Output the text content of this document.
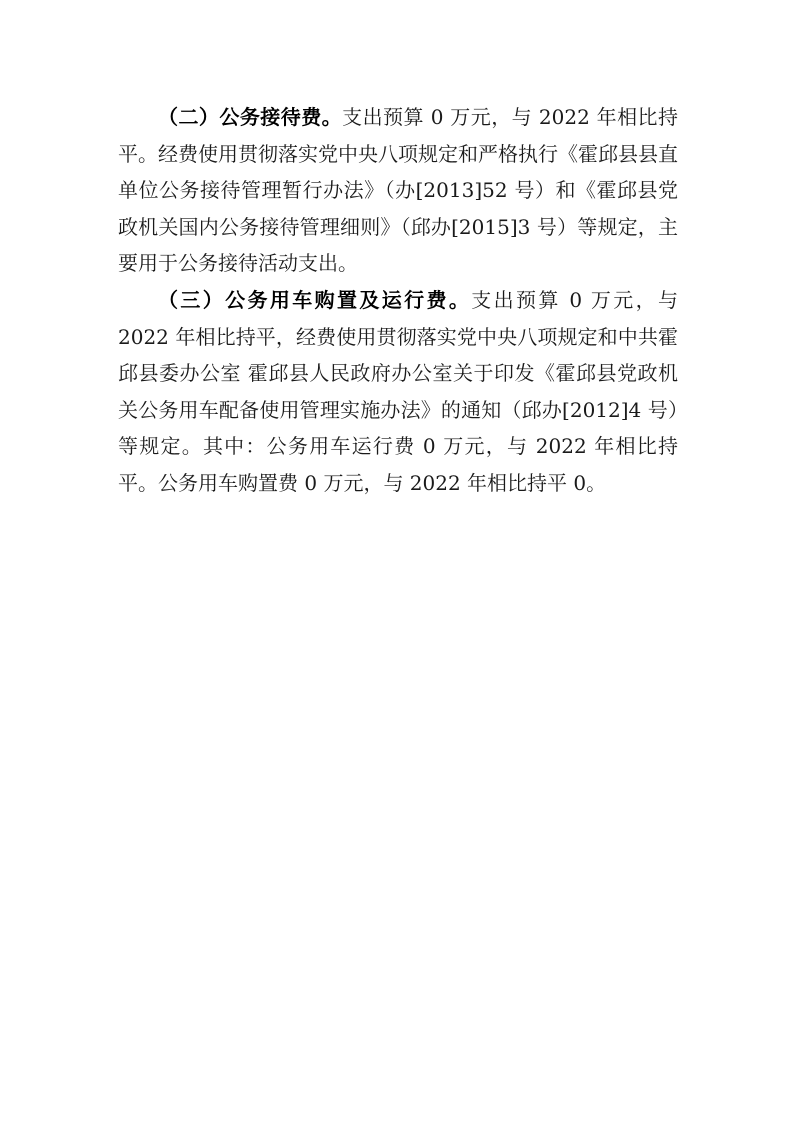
（二）公务接待费。支出预算 0 万元，与 2022 年相比持平。经费使用贯彻落实党中央八项规定和严格执行《霍邱县县直单位公务接待管理暂行办法》（办[2013]52 号）和《霍邱县党政机关国内公务接待管理细则》（邱办[2015]3 号）等规定，主要用于公务接待活动支出。

（三）公务用车购置及运行费。支出预算 0 万元，与 2022 年相比持平，经费使用贯彻落实党中央八项规定和中共霍邱县委办公室 霍邱县人民政府办公室关于印发《霍邱县党政机关公务用车配备使用管理实施办法》的通知（邱办[2012]4 号）等规定。其中：公务用车运行费 0 万元，与 2022 年相比持平。公务用车购置费 0 万元，与 2022 年相比持平 0。
